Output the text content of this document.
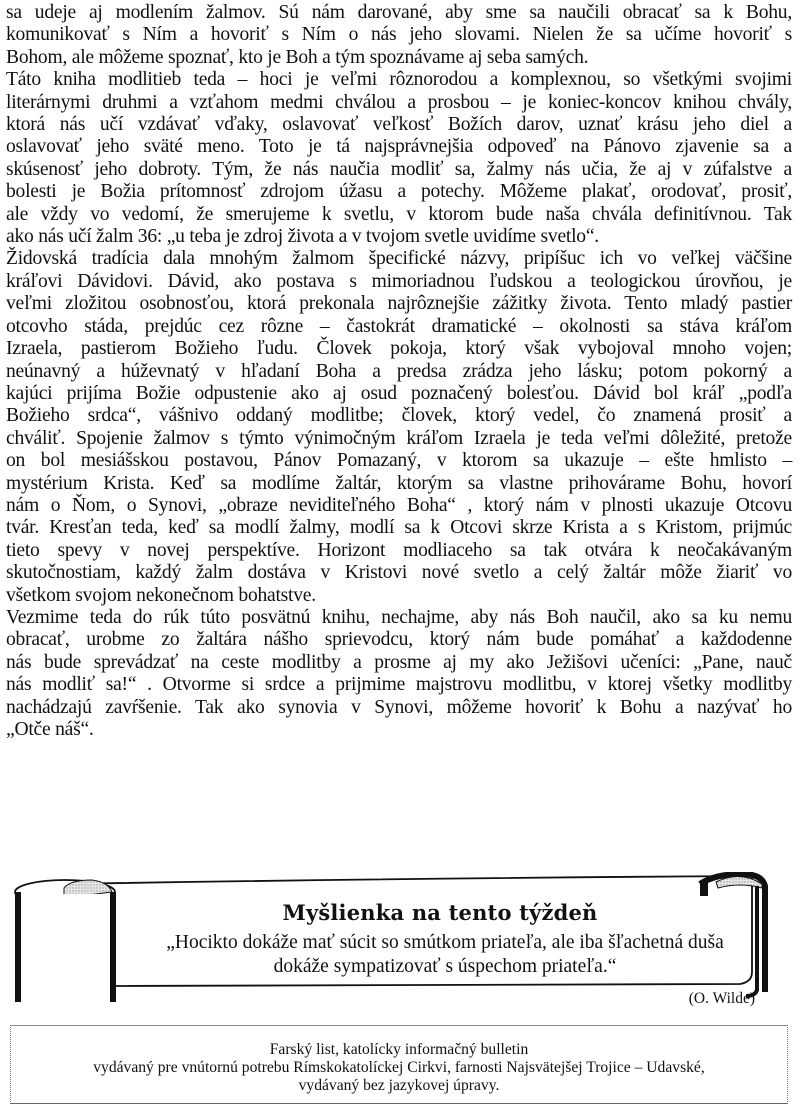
sa udeje aj modlením žalmov. Sú nám darované, aby sme sa naučili obracať sa k Bohu,
komunikovať s Ním a hovoriť s Ním o nás jeho slovami. Nielen že sa učíme hovoriť s
Bohom, ale môžeme spoznať, kto je Boh a tým spoznávame aj seba samých.
Táto kniha modlitieb teda – hoci je veľmi rôznorodou a komplexnou, so všetkými svojimi
literárnymi druhmi a vzťahom medmi chválou a prosbou – je koniec-koncov knihou chvály,
ktorá nás učí vzdávať vďaky, oslavovať veľkosť Božích darov, uznať krásu jeho diel a
oslavovať jeho sväté meno. Toto je tá najsprávnejšia odpoveď na Pánovo zjavenie sa a
skúsenosť jeho dobroty. Tým, že nás naučia modliť sa, žalmy nás učia, že aj v zúfalstve a
bolesti je Božia prítomnosť zdrojom úžasu a potechy. Môžeme plakať, orodovať, prosiť,
ale vždy vo vedomí, že smerujeme k svetlu, v ktorom bude naša chvála definitívnou. Tak
ako nás učí žalm 36: „u teba je zdroj života a v tvojom svetle uvidíme svetlo“.
Židovská tradícia dala mnohým žalmom špecifické názvy, pripíšuc ich vo veľkej väčšine
kráľovi Dávidovi. Dávid, ako postava s mimoriadnou ľudskou a teologickou úrovňou, je
veľmi zložitou osobnosťou, ktorá prekonala najrôznejšie zážitky života. Tento mladý pastier
otcovho stáda, prejdúc cez rôzne – častokrát dramatické – okolnosti sa stáva kráľom
Izraela, pastierom Božieho ľudu. Človek pokoja, ktorý však vybojoval mnoho vojen;
neúnavný a húževnatý v hľadaní Boha a predsa zrádza jeho lásku; potom pokorný a
kajúci prijíma Božie odpustenie ako aj osud poznačený bolesťou. Dávid bol kráľ „podľa
Božieho srdca“, vášnivo oddaný modlitbe; človek, ktorý vedel, čo znamená prosiť a
chváliť. Spojenie žalmov s týmto výnimočným kráľom Izraela je teda veľmi dôležité, pretože
on bol mesiášskou postavou, Pánov Pomazaný, v ktorom sa ukazuje – ešte hmlisto –
mystérium Krista. Keď sa modlíme žaltár, ktorým sa vlastne prihovárame Bohu, hovorí
nám o Ňom, o Synovi, „obraze neviditeľného Boha“ , ktorý nám v plnosti ukazuje Otcovu
tvár. Kresťan teda, keď sa modlí žalmy, modlí sa k Otcovi skrze Krista a s Kristom, prijmúc
tieto spevy v novej perspektíve. Horizont modliaceho sa tak otvára k neočakávaným
skutočnostiam, každý žalm dostáva v Kristovi nové svetlo a celý žaltár môže žiariť vo
všetkom svojom nekonečnom bohatstve.
Vezmime teda do rúk túto posvätnú knihu, nechajme, aby nás Boh naučil, ako sa ku nemu
obracať, urobme zo žaltára nášho sprievodcu, ktorý nám bude pomáhať a každodenne
nás bude sprevádzať na ceste modlitby a prosme aj my ako Ježišovi učeníci: „Pane, nauč
nás modliť sa!“ . Otvorme si srdce a prijmime majstrovu modlitbu, v ktorej všetky modlitby
nachádzajú zavŕšenie. Tak ako synovia v Synovi, môžeme hovoriť k Bohu a nazývať ho
„Otče náš“.
Myšlienka na tento týždeň
„Hocikto dokáže mať súcit so smútkom priateľa, ale iba šľachetná duša
dokáže sympatizovať s úspechom priateľa.“
(O. Wilde)
Farský list, katolícky informačný bulletin
vydávaný pre vnútornú potrebu Rímskokatolíckej Cirkvi, farnosti Najsvätejšej Trojice – Udavské,
vydávaný bez jazykovej úpravy.
